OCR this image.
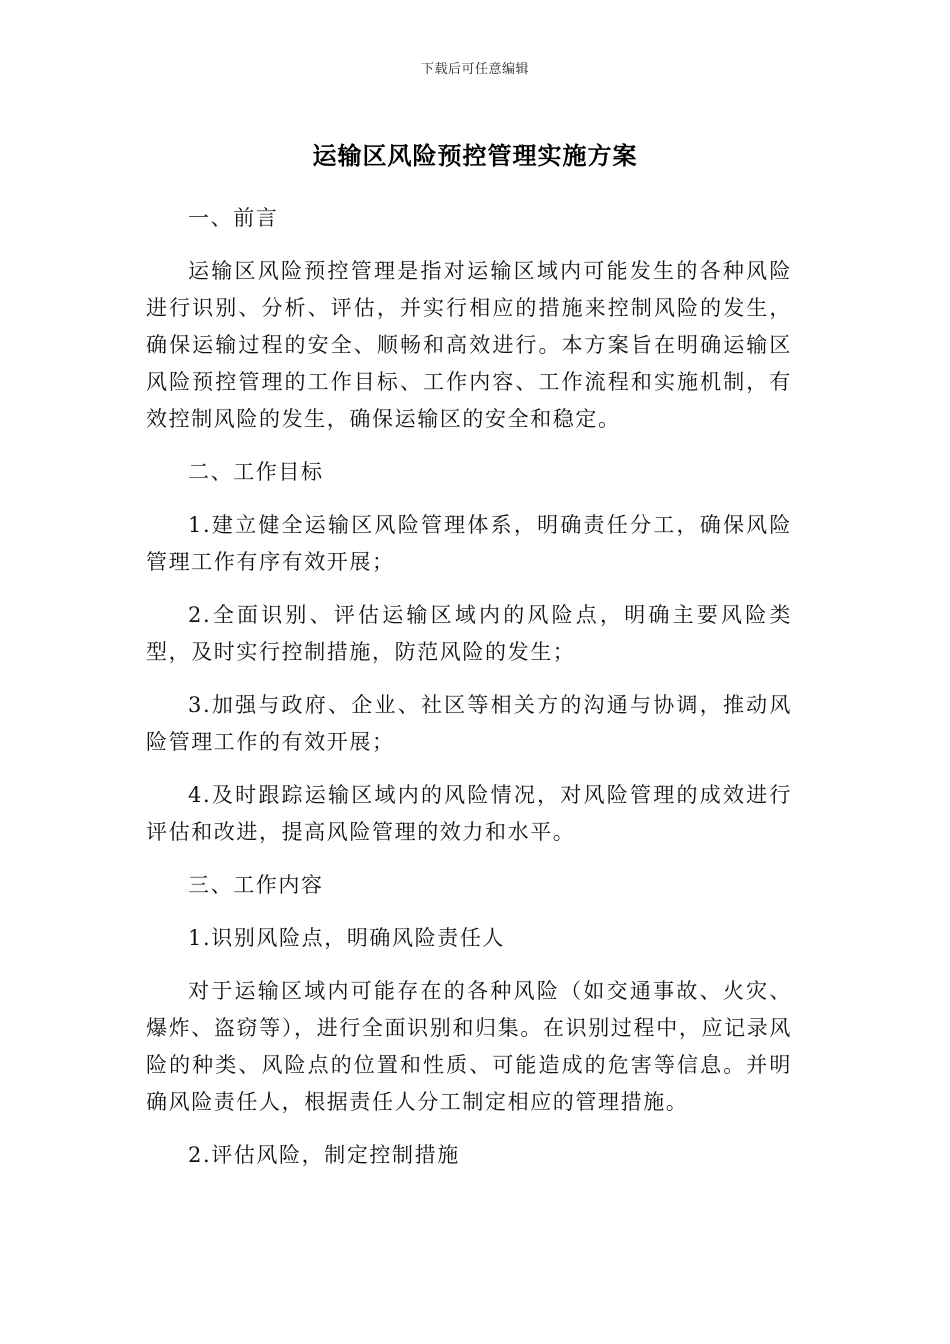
下载后可任意编辑
运输区风险预控管理实施方案

一、前言

运输区风险预控管理是指对运输区域内可能发生的各种风险进行识别、分析、评估，并实行相应的措施来控制风险的发生，确保运输过程的安全、顺畅和高效进行。本方案旨在明确运输区风险预控管理的工作目标、工作内容、工作流程和实施机制，有效控制风险的发生，确保运输区的安全和稳定。

二、工作目标

1.建立健全运输区风险管理体系，明确责任分工，确保风险管理工作有序有效开展；

2.全面识别、评估运输区域内的风险点，明确主要风险类型，及时实行控制措施，防范风险的发生；

3.加强与政府、企业、社区等相关方的沟通与协调，推动风险管理工作的有效开展；

4.及时跟踪运输区域内的风险情况，对风险管理的成效进行评估和改进，提高风险管理的效力和水平。

三、工作内容

1.识别风险点，明确风险责任人

对于运输区域内可能存在的各种风险（如交通事故、火灾、爆炸、盗窃等），进行全面识别和归集。在识别过程中，应记录风险的种类、风险点的位置和性质、可能造成的危害等信息。并明确风险责任人，根据责任人分工制定相应的管理措施。

2.评估风险，制定控制措施
